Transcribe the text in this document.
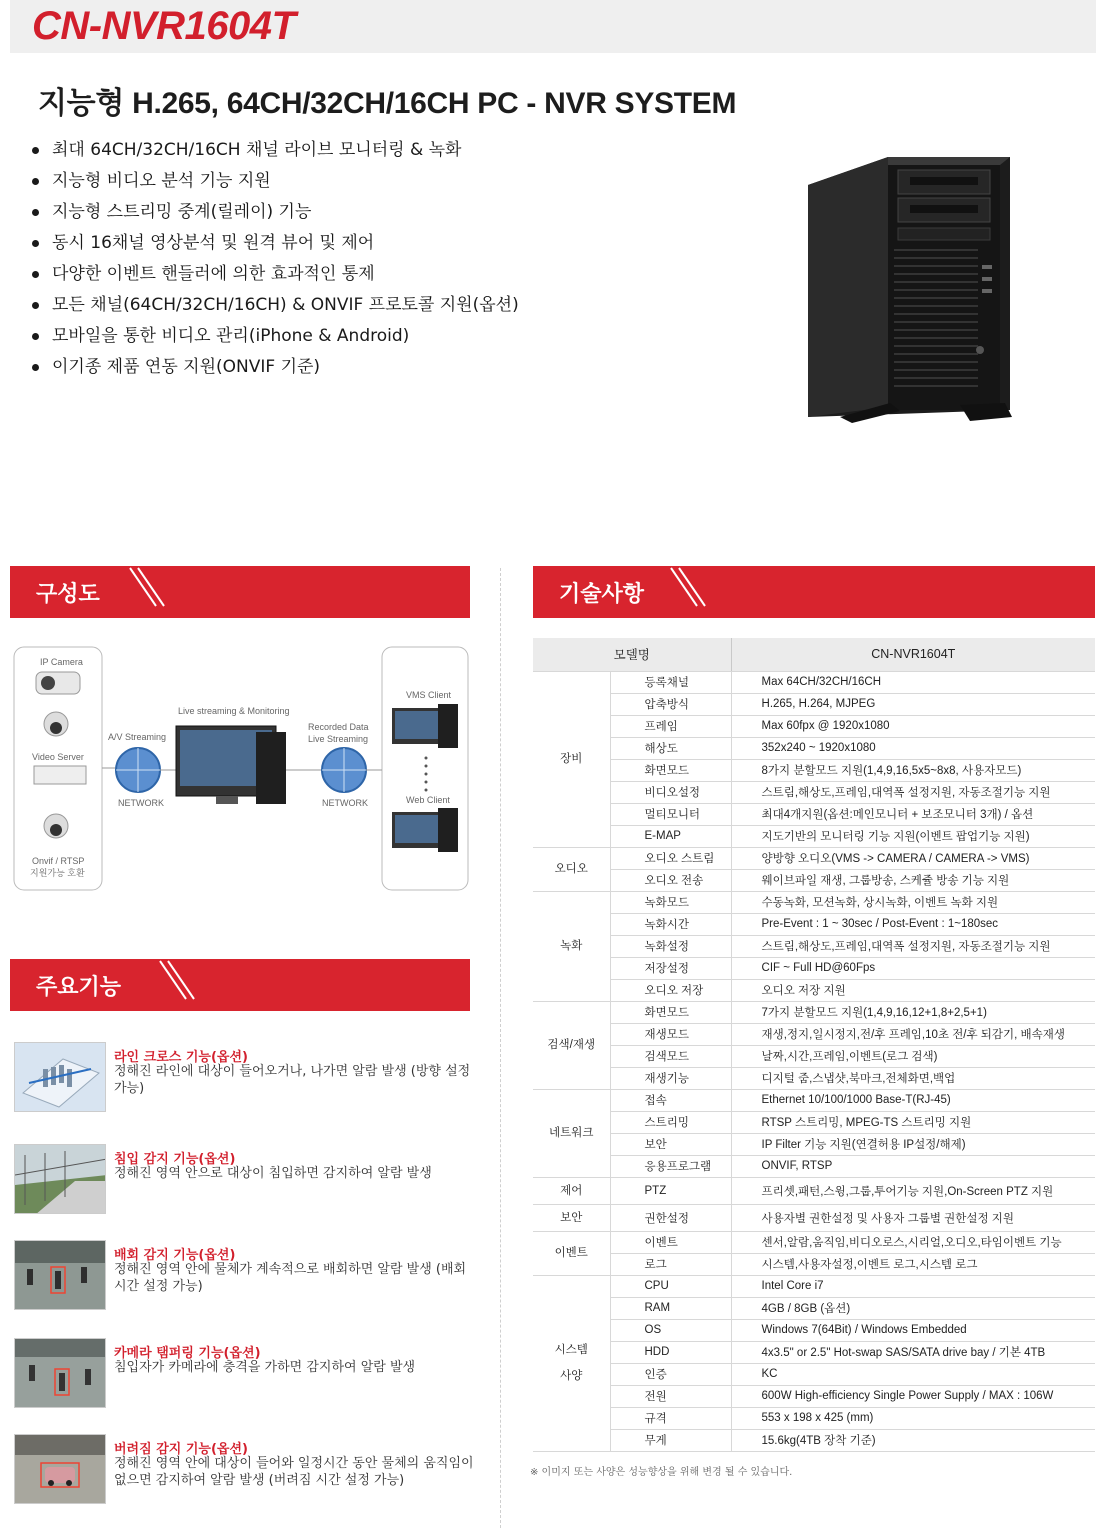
CN-NVR1604T
지능형 H.265, 64CH/32CH/16CH PC - NVR SYSTEM
최대 64CH/32CH/16CH 채널 라이브 모니터링 & 녹화
지능형 비디오 분석 기능 지원
지능형 스트리밍 중계(릴레이) 기능
동시 16채널 영상분석 및 원격 뷰어 및 제어
다양한 이벤트 핸들러에 의한 효과적인 통제
모든 채널(64CH/32CH/16CH) & ONVIF 프로토콜 지원(옵션)
모바일을 통한 비디오 관리(iPhone & Android)
이기종 제품 연동 지원(ONVIF 기준)
구성도
IP Camera
Video Server
Onvif / RTSP
지원가능 호환
A/V Streaming
NETWORK
Live streaming & Monitoring
Recorded Data
Live Streaming
NETWORK
VMS Client
Web Client
주요기능
라인 크로스 기능(옵션)
정해진 라인에 대상이 들어오거나, 나가면 알람 발생 (방향 설정 가능)
침입 감지 기능(옵션)
정해진 영역 안으로 대상이 침입하면 감지하여 알람 발생
배회 감지 기능(옵션)
정해진 영역 안에 물체가 계속적으로 배회하면 알람 발생 (배회시간 설정 가능)
카메라 탬퍼링 기능(옵션)
침입자가 카메라에 충격을 가하면 감지하여 알람 발생
버려짐 감지 기능(옵션)
정해진 영역 안에 대상이 들어와 일정시간 동안 물체의 움직임이 없으면 감지하여 알람 발생 (버려짐 시간 설정 가능)
기술사항
모델명		CN-NVR1604T
장비	등록채널	Max 64CH/32CH/16CH
	압축방식	H.265, H.264, MJPEG
	프레임	Max 60fpx @ 1920x1080
	해상도	352x240 ~ 1920x1080
	화면모드	8가지 분할모드 지원(1,4,9,16,5x5~8x8, 사용자모드)
	비디오설정	스트림,해상도,프레임,대역폭 설정지원, 자동조절기능 지원
	멀티모니터	최대4개지원(옵션:메인모니터 + 보조모니터 3개) / 옵션
	E-MAP	지도기반의 모니터링 기능 지원(이벤트 팝업기능 지원)
오디오	오디오 스트림	양방향 오디오(VMS -> CAMERA / CAMERA -> VMS)
	오디오 전송	웨이브파일 재생, 그룹방송, 스케쥴 방송 기능 지원
녹화	녹화모드	수동녹화, 모션녹화, 상시녹화, 이벤트 녹화 지원
	녹화시간	Pre-Event : 1 ~ 30sec / Post-Event : 1~180sec
	녹화설정	스트림,해상도,프레임,대역폭 설정지원, 자동조절기능 지원
	저장설정	CIF ~ Full HD@60Fps
	오디오 저장	오디오 저장 지원
검색/재생	화면모드	7가지 분할모드 지원(1,4,9,16,12+1,8+2,5+1)
	재생모드	재생,정지,일시정지,전/후 프레임,10초 전/후 되감기, 배속재생
	검색모드	날짜,시간,프레임,이벤트(로그 검색)
	재생기능	디지털 줌,스냅샷,북마크,전체화면,백업
네트워크	접속	Ethernet 10/100/1000 Base-T(RJ-45)
	스트리밍	RTSP 스트리밍, MPEG-TS 스트리밍 지원
	보안	IP Filter 기능 지원(연결허용 IP설정/해제)
	응용프로그램	ONVIF, RTSP
제어	PTZ	프리셋,패턴,스윙,그룹,투어기능 지원,On-Screen PTZ 지원
보안	권한설정	사용자별 권한설정 및 사용자 그룹별 권한설정 지원
이벤트	이벤트	센서,알람,움직임,비디오로스,시리얼,오디오,타임이벤트 기능
	로그	시스템,사용자설정,이벤트 로그,시스템 로그
시스템
사양	CPU	Intel Core i7
	RAM	4GB / 8GB (옵션)
	OS	Windows 7(64Bit) / Windows Embedded
	HDD	4x3.5" or 2.5" Hot-swap SAS/SATA drive bay / 기본 4TB
	인증	KC
	전원	600W High-efficiency Single Power Supply / MAX : 106W
	규격	553 x 198 x 425 (mm)
	무게	15.6kg(4TB 장착 기준)
※ 이미지 또는 사양은 성능향상을 위해 변경 될 수 있습니다.
